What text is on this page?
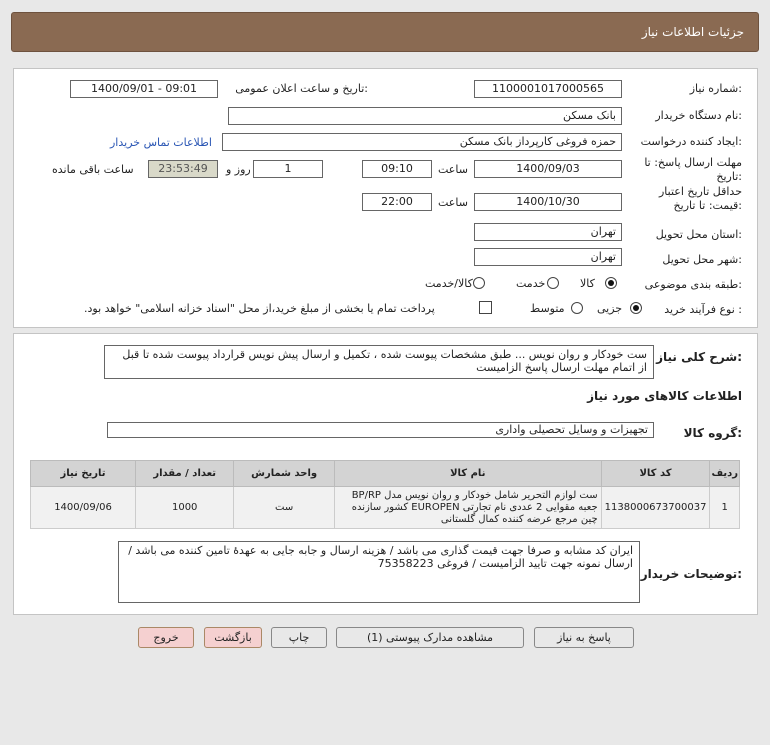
جزئیات اطلاعات نیاز
شماره نیاز:
1100001017000565
تاریخ و ساعت اعلان عمومی:
1400/09/01 - 09:01
نام دستگاه خریدار:
بانک مسکن
ایجاد کننده درخواست:
حمزه فروغی کارپرداز بانک مسکن
اطلاعات تماس خریدار
مهلت ارسال پاسخ: تا
تاریخ:
1400/09/03
ساعت
09:10
1
روز و
23:53:49
ساعت باقی مانده
حداقل تاریخ اعتبار
قیمت: تا تاریخ:
1400/10/30
ساعت
22:00
استان محل تحویل:
تهران
شهر محل تحویل:
تهران
طبقه بندی موضوعی:
کالا
خدمت
کالا/خدمت
نوع فرآیند خرید :
جزیی
متوسط
پرداخت تمام یا بخشی از مبلغ خرید،از محل "اسناد خزانه اسلامی" خواهد بود.
شرح کلی نیاز:
ست خودکار و روان نویس ... طبق مشخصات پیوست شده ، تکمیل و ارسال پیش نویس قرارداد پیوست شده تا قبل از اتمام مهلت ارسال پاسخ الزامیست
اطلاعات کالاهای مورد نیاز
گروه کالا:
تجهیزات و وسایل تحصیلی واداری
ردیف	کد کالا	نام کالا	واحد شمارش	تعداد / مقدار	تاریخ نیاز
1	1138000673700037	ست لوازم التحریر شامل خودکار و روان نویس مدل BP/RP جعبه مقوایی 2 عددی نام تجارتی EUROPEN کشور سازنده چین مرجع عرضه کننده کمال گلستانی	ست	1000	1400/09/06
توضیحات خریدار:
ایران کد مشابه و صرفا جهت قیمت گذاری می باشد / هزینه ارسال و جابه جایی به عهدۀ تامین کننده می باشد / ارسال نمونه جهت تایید الزامیست / فروغی 75358223
پاسخ به نیاز
مشاهده مدارک پیوستی (1)
چاپ
بازگشت
خروج
